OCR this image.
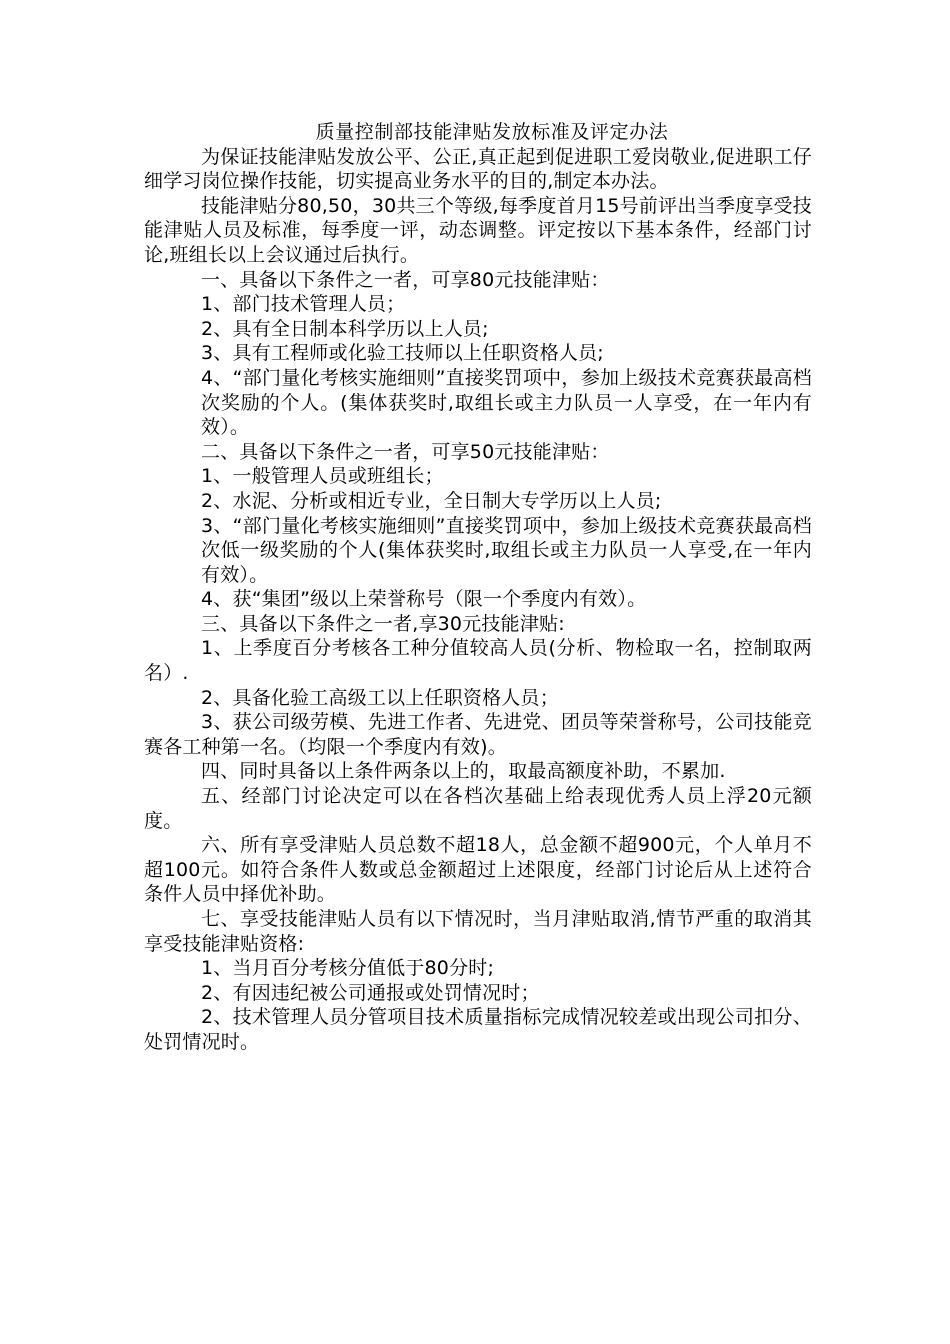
质量控制部技能津贴发放标准及评定办法

为保证技能津贴发放公平、公正,真正起到促进职工爱岗敬业,促进职工仔细学习岗位操作技能，切实提高业务水平的目的,制定本办法。

技能津贴分80,50，30共三个等级,每季度首月15号前评出当季度享受技能津贴人员及标准，每季度一评，动态调整。评定按以下基本条件，经部门讨论,班组长以上会议通过后执行。

一、具备以下条件之一者，可享80元技能津贴：

1、部门技术管理人员；

2、具有全日制本科学历以上人员;

3、具有工程师或化验工技师以上任职资格人员;

4、“部门量化考核实施细则”直接奖罚项中，参加上级技术竞赛获最高档次奖励的个人。(集体获奖时,取组长或主力队员一人享受，在一年内有效）。

二、具备以下条件之一者，可享50元技能津贴：

1、一般管理人员或班组长；

2、水泥、分析或相近专业，全日制大专学历以上人员;

3、“部门量化考核实施细则”直接奖罚项中，参加上级技术竞赛获最高档次低一级奖励的个人(集体获奖时,取组长或主力队员一人享受,在一年内有效）。

4、获“集团”级以上荣誉称号（限一个季度内有效）。

三、具备以下条件之一者,享30元技能津贴:

1、上季度百分考核各工种分值较高人员(分析、物检取一名，控制取两名）.

2、具备化验工高级工以上任职资格人员；

3、获公司级劳模、先进工作者、先进党、团员等荣誉称号，公司技能竞赛各工种第一名。（均限一个季度内有效)。

四、同时具备以上条件两条以上的，取最高额度补助，不累加.

五、经部门讨论决定可以在各档次基础上给表现优秀人员上浮20元额度。

六、所有享受津贴人员总数不超18人，总金额不超900元，个人单月不超100元。如符合条件人数或总金额超过上述限度，经部门讨论后从上述符合条件人员中择优补助。

七、享受技能津贴人员有以下情况时，当月津贴取消,情节严重的取消其享受技能津贴资格:

1、当月百分考核分值低于80分时;

2、有因违纪被公司通报或处罚情况时；

2、技术管理人员分管项目技术质量指标完成情况较差或出现公司扣分、处罚情况时。
